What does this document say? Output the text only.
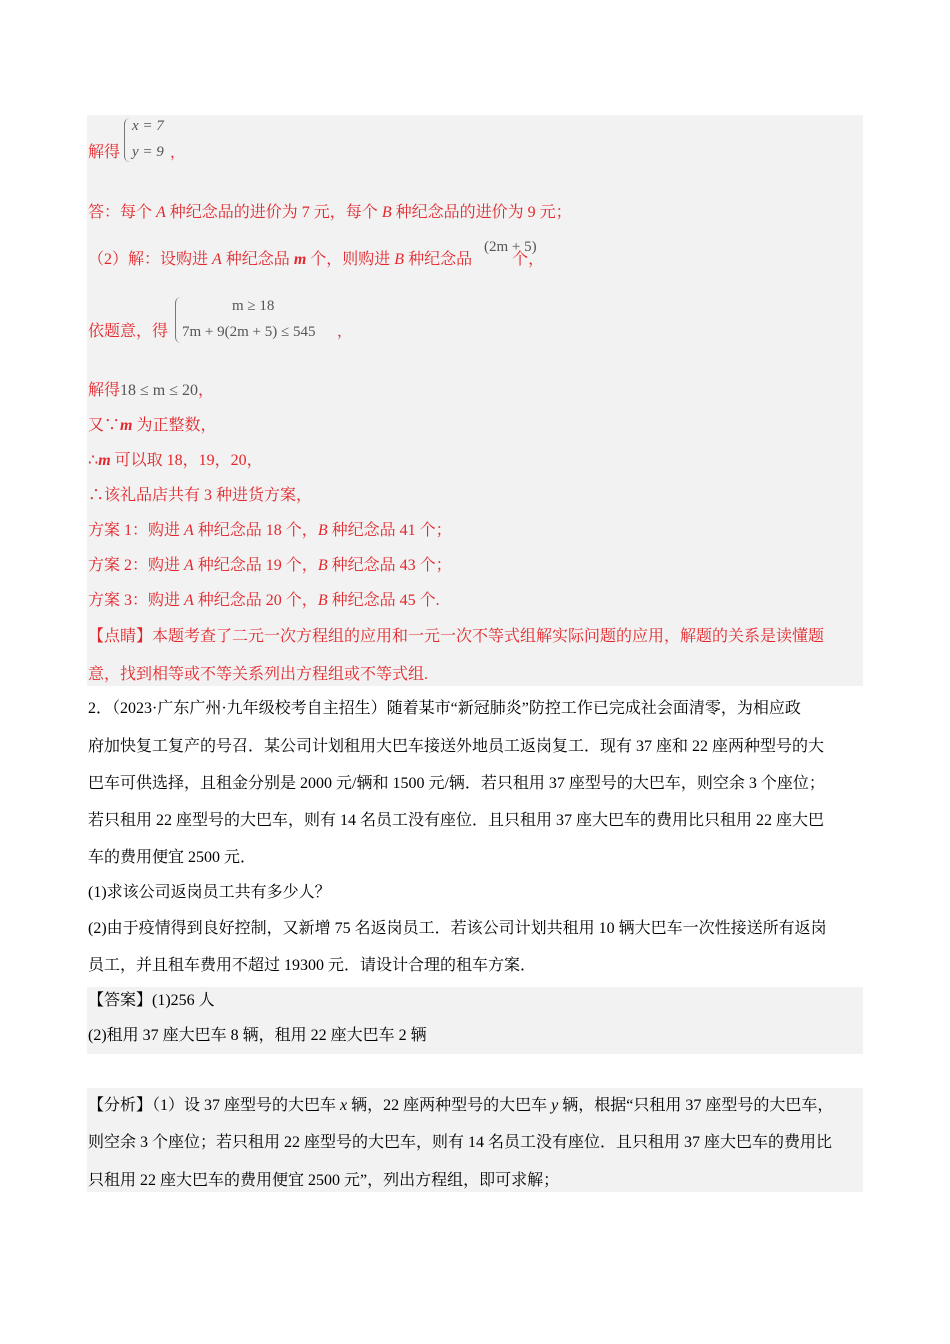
解得
x = 7
y = 9 ，
(2m + 5)
依题意，得
m ≥ 18
7m + 9(2m + 5) ≤ 545 ，
答：每个 A 种纪念品的进价为 7 元，每个 B 种纪念品的进价为 9 元；
（2）解：设购进 A 种纪念品 m 个，则购进 B 种纪念品          个，
解得18 ≤ m ≤ 20，
又∵m 为正整数，
∴m 可以取 18，19，20，
∴该礼品店共有 3 种进货方案，
方案 1：购进 A 种纪念品 18 个，B 种纪念品 41 个；
方案 2：购进 A 种纪念品 19 个，B 种纪念品 43 个；
方案 3：购进 A 种纪念品 20 个，B 种纪念品 45 个.
【点睛】本题考查了二元一次方程组的应用和一元一次不等式组解实际问题的应用，解题的关系是读懂题
意，找到相等或不等关系列出方程组或不等式组.
2．（2023·广东广州·九年级校考自主招生）随着某市“新冠肺炎”防控工作已完成社会面清零，为相应政
府加快复工复产的号召．某公司计划租用大巴车接送外地员工返岗复工．现有 37 座和 22 座两种型号的大
巴车可供选择，且租金分别是 2000 元/辆和 1500 元/辆．若只租用 37 座型号的大巴车，则空余 3 个座位；
若只租用 22 座型号的大巴车，则有 14 名员工没有座位．且只租用 37 座大巴车的费用比只租用 22 座大巴
车的费用便宜 2500 元．
(1)求该公司返岗员工共有多少人？
(2)由于疫情得到良好控制，又新增 75 名返岗员工．若该公司计划共租用 10 辆大巴车一次性接送所有返岗
员工，并且租车费用不超过 19300 元．请设计合理的租车方案．
【答案】(1)256 人
(2)租用 37 座大巴车 8 辆，租用 22 座大巴车 2 辆
【分析】（1）设 37 座型号的大巴车 x 辆，22 座两种型号的大巴车 y 辆，根据“只租用 37 座型号的大巴车，
则空余 3 个座位；若只租用 22 座型号的大巴车，则有 14 名员工没有座位．且只租用 37 座大巴车的费用比
只租用 22 座大巴车的费用便宜 2500 元”，列出方程组，即可求解；
